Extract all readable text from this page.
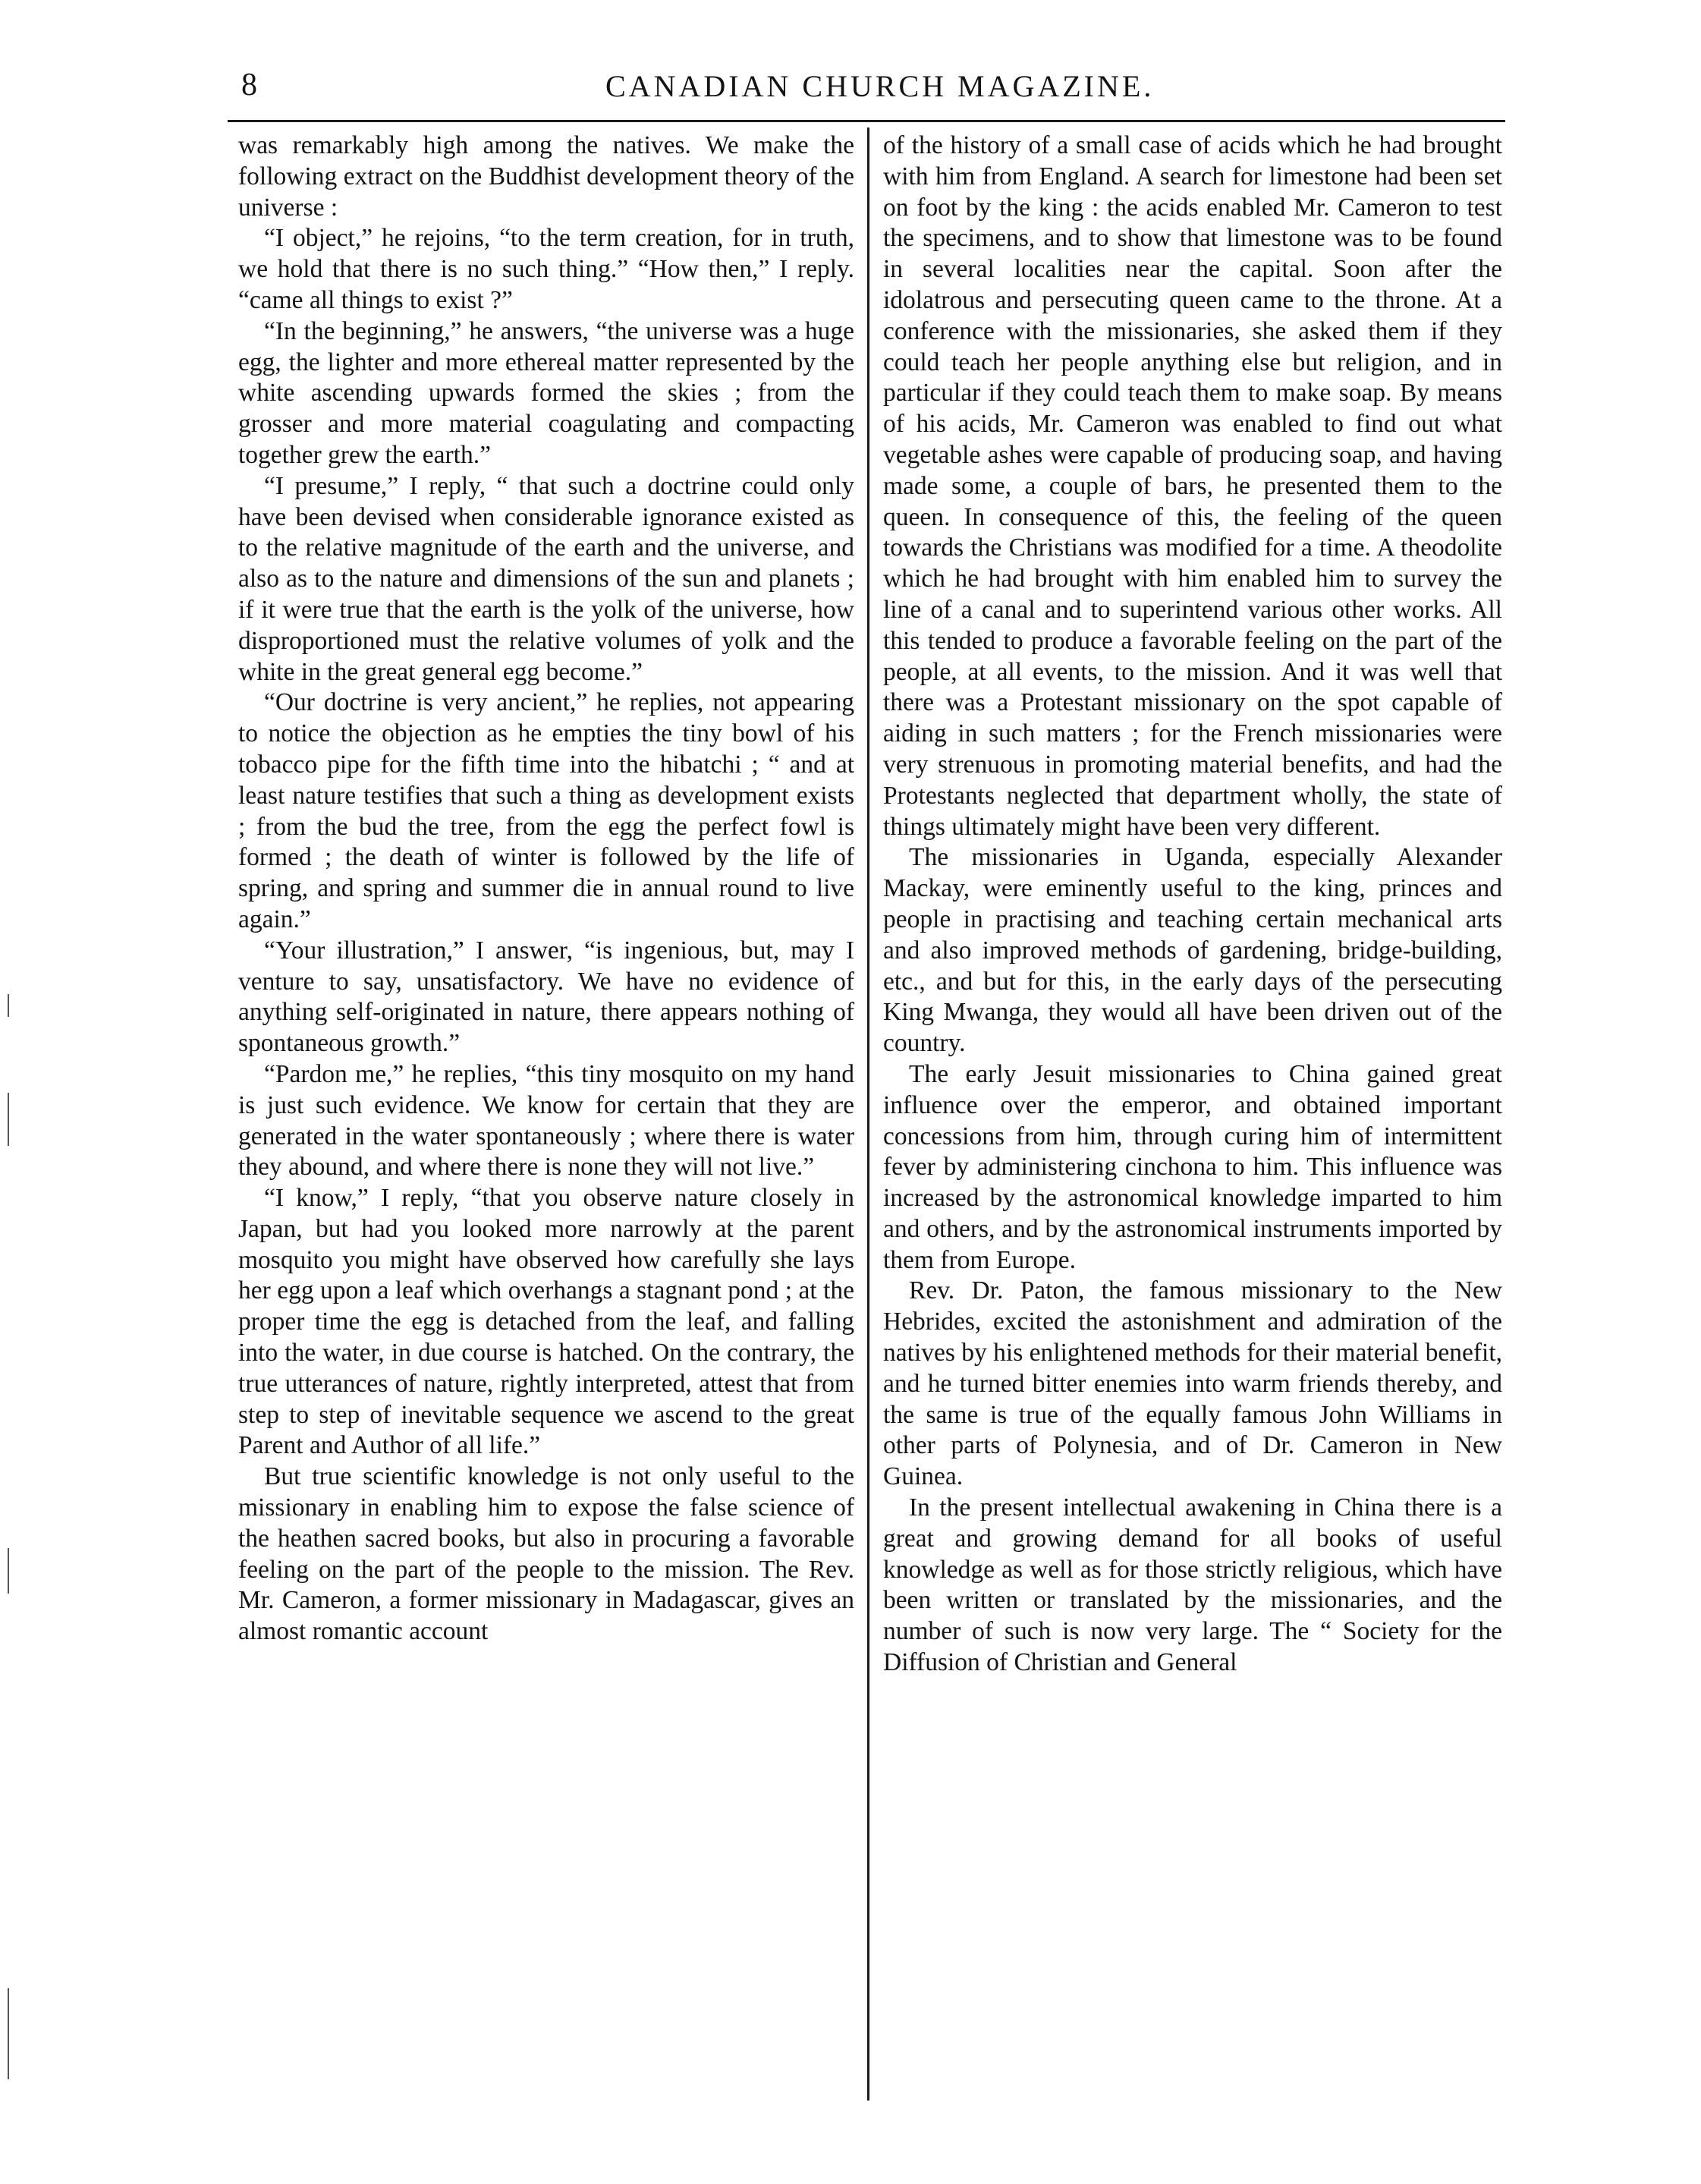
8	CANADIAN CHURCH MAGAZINE.

was remarkably high among the natives. We make the following extract on the Buddhist development theory of the universe :

“I object,” he rejoins, “to the term creation, for in truth, we hold that there is no such thing.” “How then,” I reply. “came all things to exist ?”

“In the beginning,” he answers, “the universe was a huge egg, the lighter and more ethereal matter represented by the white ascending upwards formed the skies ; from the grosser and more material coagulating and compacting together grew the earth.”

“I presume,” I reply, “ that such a doctrine could only have been devised when considerable ignorance existed as to the relative magnitude of the earth and the universe, and also as to the nature and dimensions of the sun and planets ; if it were true that the earth is the yolk of the universe, how disproportioned must the relative volumes of yolk and the white in the great general egg become.”

“Our doctrine is very ancient,” he replies, not appearing to notice the objection as he empties the tiny bowl of his tobacco pipe for the fifth time into the hibatchi ; “ and at least nature testifies that such a thing as development exists ; from the bud the tree, from the egg the perfect fowl is formed ; the death of winter is followed by the life of spring, and spring and summer die in annual round to live again.”

“Your illustration,” I answer, “is ingenious, but, may I venture to say, unsatisfactory. We have no evidence of anything self-originated in nature, there appears nothing of spontaneous growth.”

“Pardon me,” he replies, “this tiny mosquito on my hand is just such evidence. We know for certain that they are generated in the water spontaneously ; where there is water they abound, and where there is none they will not live.”

“I know,” I reply, “that you observe nature closely in Japan, but had you looked more narrowly at the parent mosquito you might have observed how carefully she lays her egg upon a leaf which overhangs a stagnant pond ; at the proper time the egg is detached from the leaf, and falling into the water, in due course is hatched. On the contrary, the true utterances of nature, rightly interpreted, attest that from step to step of inevitable sequence we ascend to the great Parent and Author of all life.”

But true scientific knowledge is not only useful to the missionary in enabling him to expose the false science of the heathen sacred books, but also in procuring a favorable feeling on the part of the people to the mission. The Rev. Mr. Cameron, a former missionary in Madagascar, gives an almost romantic account

of the history of a small case of acids which he had brought with him from England. A search for limestone had been set on foot by the king : the acids enabled Mr. Cameron to test the specimens, and to show that limestone was to be found in several localities near the capital. Soon after the idolatrous and persecuting queen came to the throne. At a conference with the missionaries, she asked them if they could teach her people anything else but religion, and in particular if they could teach them to make soap. By means of his acids, Mr. Cameron was enabled to find out what vegetable ashes were capable of producing soap, and having made some, a couple of bars, he presented them to the queen. In consequence of this, the feeling of the queen towards the Christians was modified for a time. A theodolite which he had brought with him enabled him to survey the line of a canal and to superintend various other works. All this tended to produce a favorable feeling on the part of the people, at all events, to the mission. And it was well that there was a Protestant missionary on the spot capable of aiding in such matters ; for the French missionaries were very strenuous in promoting material benefits, and had the Protestants neglected that department wholly, the state of things ultimately might have been very different.

The missionaries in Uganda, especially Alexander Mackay, were eminently useful to the king, princes and people in practising and teaching certain mechanical arts and also improved methods of gardening, bridge-building, etc., and but for this, in the early days of the persecuting King Mwanga, they would all have been driven out of the country.

The early Jesuit missionaries to China gained great influence over the emperor, and obtained important concessions from him, through curing him of intermittent fever by administering cinchona to him. This influence was increased by the astronomical knowledge imparted to him and others, and by the astronomical instruments imported by them from Europe.

Rev. Dr. Paton, the famous missionary to the New Hebrides, excited the astonishment and admiration of the natives by his enlightened methods for their material benefit, and he turned bitter enemies into warm friends thereby, and the same is true of the equally famous John Williams in other parts of Polynesia, and of Dr. Cameron in New Guinea.

In the present intellectual awakening in China there is a great and growing demand for all books of useful knowledge as well as for those strictly religious, which have been written or translated by the missionaries, and the number of such is now very large. The “ Society for the Diffusion of Christian and General
